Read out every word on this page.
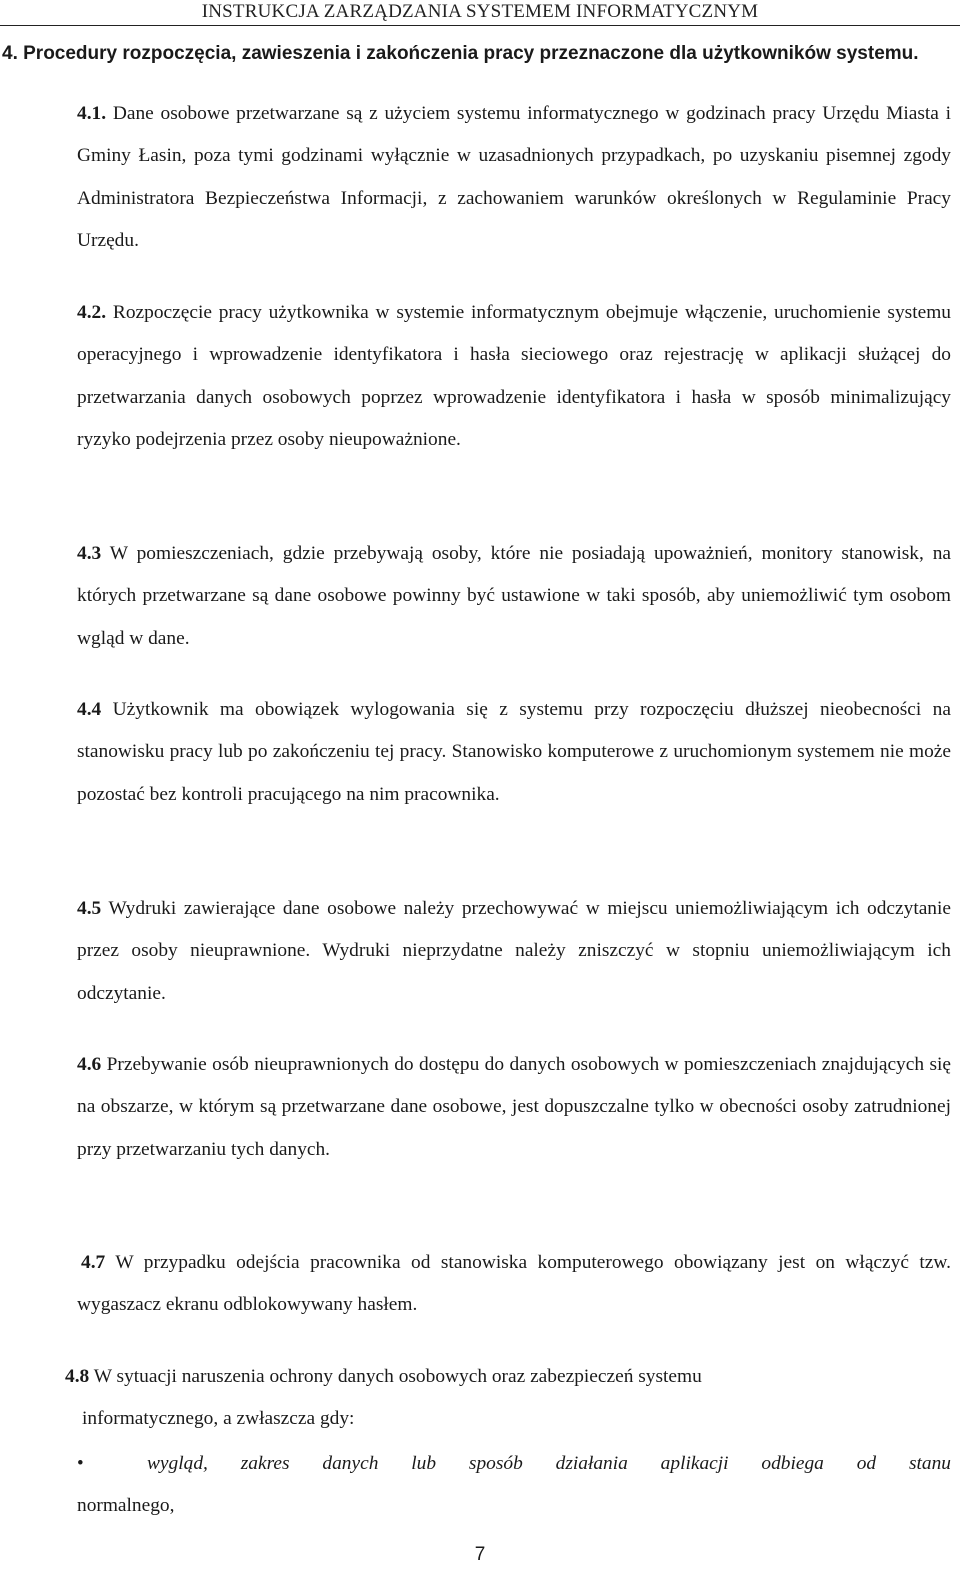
INSTRUKCJA ZARZĄDZANIA SYSTEMEM INFORMATYCZNYM
4. Procedury rozpoczęcia, zawieszenia i zakończenia pracy przeznaczone dla użytkowników systemu.

4.1. Dane osobowe przetwarzane są z użyciem systemu informatycznego w godzinach pracy Urzędu Miasta i Gminy Łasin, poza tymi godzinami wyłącznie w uzasadnionych przypadkach, po uzyskaniu pisemnej zgody Administratora Bezpieczeństwa Informacji, z zachowaniem warunków określonych w Regulaminie Pracy Urzędu.

4.2. Rozpoczęcie pracy użytkownika w systemie informatycznym obejmuje włączenie, uruchomienie systemu operacyjnego i wprowadzenie identyfikatora i hasła sieciowego oraz rejestrację w aplikacji służącej do przetwarzania danych osobowych poprzez wprowadzenie identyfikatora i hasła w sposób minimalizujący ryzyko podejrzenia przez osoby nieupoważnione.

4.3 W pomieszczeniach, gdzie przebywają osoby, które nie posiadają upoważnień, monitory stanowisk, na których przetwarzane są dane osobowe powinny być ustawione w taki sposób, aby uniemożliwić tym osobom wgląd w dane.

4.4 Użytkownik ma obowiązek wylogowania się z systemu przy rozpoczęciu dłuższej nieobecności na stanowisku pracy lub po zakończeniu tej pracy. Stanowisko komputerowe z uruchomionym systemem nie może pozostać bez kontroli pracującego na nim pracownika.

4.5 Wydruki zawierające dane osobowe należy przechowywać w miejscu uniemożliwiającym ich odczytanie przez osoby nieuprawnione. Wydruki nieprzydatne należy zniszczyć w stopniu uniemożliwiającym ich odczytanie.

4.6 Przebywanie osób nieuprawnionych do dostępu do danych osobowych w pomieszczeniach znajdujących się na obszarze, w którym są przetwarzane dane osobowe, jest dopuszczalne tylko w obecności osoby zatrudnionej przy przetwarzaniu tych danych.

4.7 W przypadku odejścia pracownika od stanowiska komputerowego obowiązany jest on włączyć tzw. wygaszacz ekranu odblokowywany hasłem.

4.8 W sytuacji naruszenia ochrony danych osobowych oraz zabezpieczeń systemu
informatycznego, a zwłaszcza gdy:

•	wygląd, zakres danych lub sposób działania aplikacji odbiega od stanu
normalnego,
7
